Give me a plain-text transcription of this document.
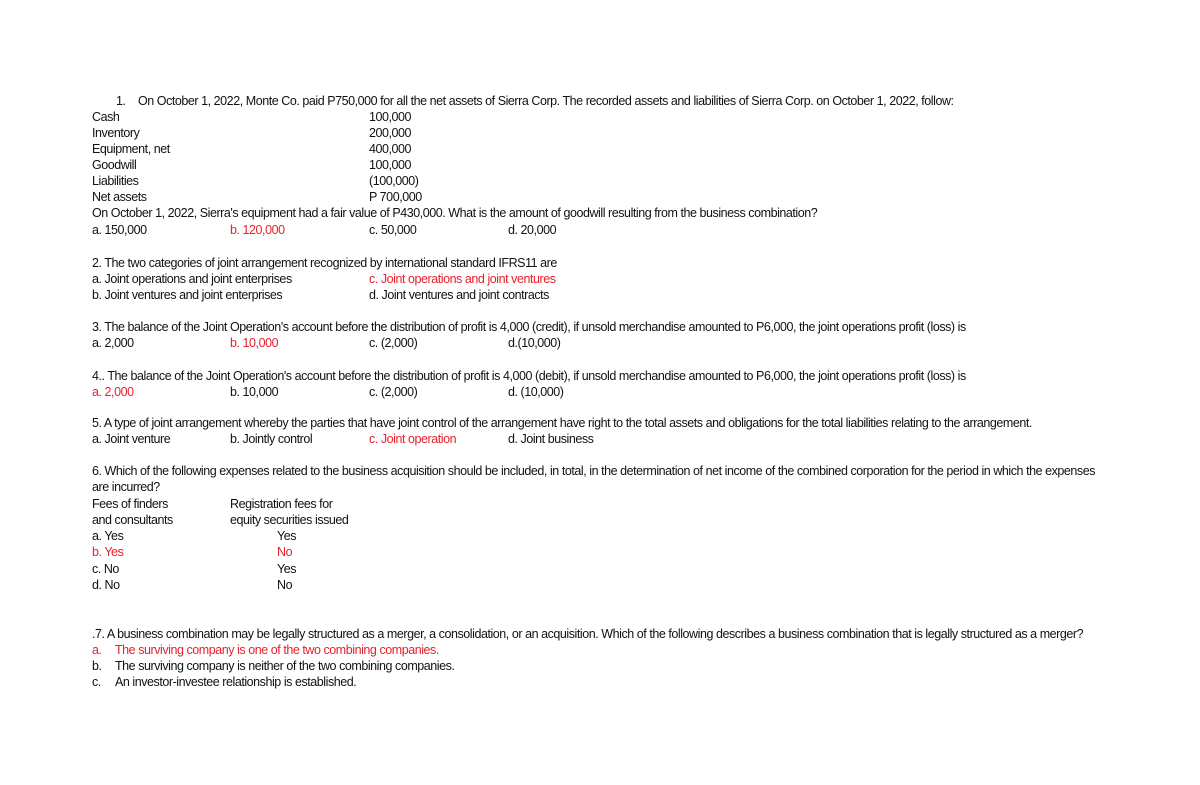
1. On October 1, 2022, Monte Co. paid P750,000 for all the net assets of Sierra Corp. The recorded assets and liabilities of Sierra Corp. on October 1, 2022, follow:
Cash	100,000
Inventory	200,000
Equipment, net	400,000
Goodwill	100,000
Liabilities	(100,000)
Net assets	P 700,000
On October 1, 2022, Sierra's equipment had a fair value of P430,000. What is the amount of goodwill resulting from the business combination?
a. 150,000	b. 120,000	c. 50,000	d. 20,000
2. The two categories of joint arrangement recognized by international standard IFRS11 are
a. Joint operations and joint enterprises	c. Joint operations and joint ventures
b. Joint ventures and joint enterprises	d. Joint ventures and joint contracts
3. The balance of the Joint Operation's account before the distribution of profit is 4,000 (credit), if unsold merchandise amounted to P6,000, the joint operations profit (loss) is
a. 2,000	b. 10,000	c. (2,000)	d.(10,000)
4.. The balance of the Joint Operation's account before the distribution of profit is 4,000 (debit), if unsold merchandise amounted to P6,000, the joint operations profit (loss) is
a. 2,000	b. 10,000	c. (2,000)	d. (10,000)
5. A type of joint arrangement whereby the parties that have joint control of the arrangement have right to the total assets and obligations for the total liabilities relating to the arrangement.
a. Joint venture	b. Jointly control	c. Joint operation	d. Joint business
6. Which of the following expenses related to the business acquisition should be included, in total, in the determination of net income of the combined corporation for the period in which the expenses
are incurred?
Fees of finders	Registration fees for
and consultants	equity securities issued
a. Yes	Yes
b. Yes	No
c. No	Yes
d. No	No
.7. A business combination may be legally structured as a merger, a consolidation, or an acquisition. Which of the following describes a business combination that is legally structured as a merger?
a. The surviving company is one of the two combining companies.
b. The surviving company is neither of the two combining companies.
c. An investor-investee relationship is established.
